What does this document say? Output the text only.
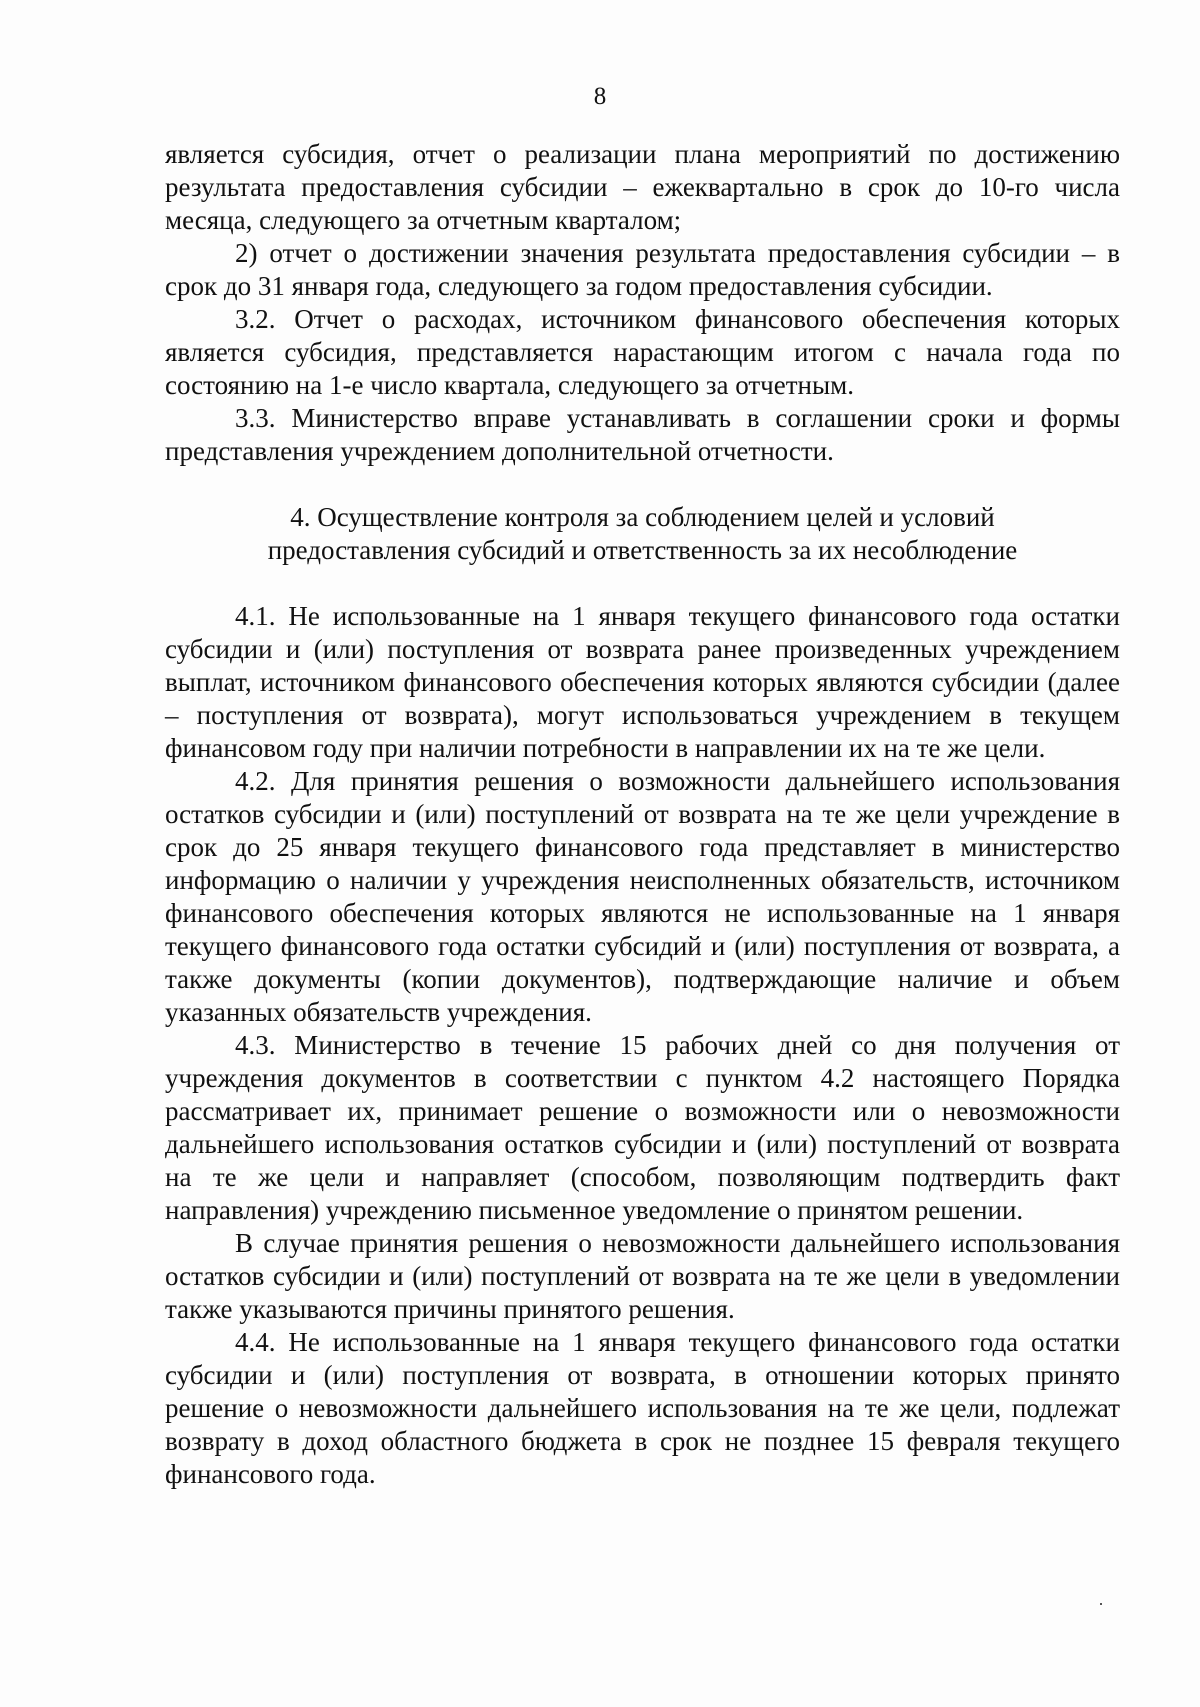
8

является субсидия, отчет о реализации плана мероприятий по достижению результата предоставления субсидии – ежеквартально в срок до 10-го числа месяца, следующего за отчетным кварталом;

2) отчет о достижении значения результата предоставления субсидии – в срок до 31 января года, следующего за годом предоставления субсидии.

3.2. Отчет о расходах, источником финансового обеспечения которых является субсидия, представляется нарастающим итогом с начала года по состоянию на 1-е число квартала, следующего за отчетным.

3.3. Министерство вправе устанавливать в соглашении сроки и формы представления учреждением дополнительной отчетности.

4. Осуществление контроля за соблюдением целей и условий предоставления субсидий и ответственность за их несоблюдение

4.1. Не использованные на 1 января текущего финансового года остатки субсидии и (или) поступления от возврата ранее произведенных учреждением выплат, источником финансового обеспечения которых являются субсидии (далее – поступления от возврата), могут использоваться учреждением в текущем финансовом году при наличии потребности в направлении их на те же цели.

4.2. Для принятия решения о возможности дальнейшего использования остатков субсидии и (или) поступлений от возврата на те же цели учреждение в срок до 25 января текущего финансового года представляет в министерство информацию о наличии у учреждения неисполненных обязательств, источником финансового обеспечения которых являются не использованные на 1 января текущего финансового года остатки субсидий и (или) поступления от возврата, а также документы (копии документов), подтверждающие наличие и объем указанных обязательств учреждения.

4.3. Министерство в течение 15 рабочих дней со дня получения от учреждения документов в соответствии с пунктом 4.2 настоящего Порядка рассматривает их, принимает решение о возможности или о невозможности дальнейшего использования остатков субсидии и (или) поступлений от возврата на те же цели и направляет (способом, позволяющим подтвердить факт направления) учреждению письменное уведомление о принятом решении.

В случае принятия решения о невозможности дальнейшего использования остатков субсидии и (или) поступлений от возврата на те же цели в уведомлении также указываются причины принятого решения.

4.4. Не использованные на 1 января текущего финансового года остатки субсидии и (или) поступления от возврата, в отношении которых принято решение о невозможности дальнейшего использования на те же цели, подлежат возврату в доход областного бюджета в срок не позднее 15 февраля текущего финансового года.
